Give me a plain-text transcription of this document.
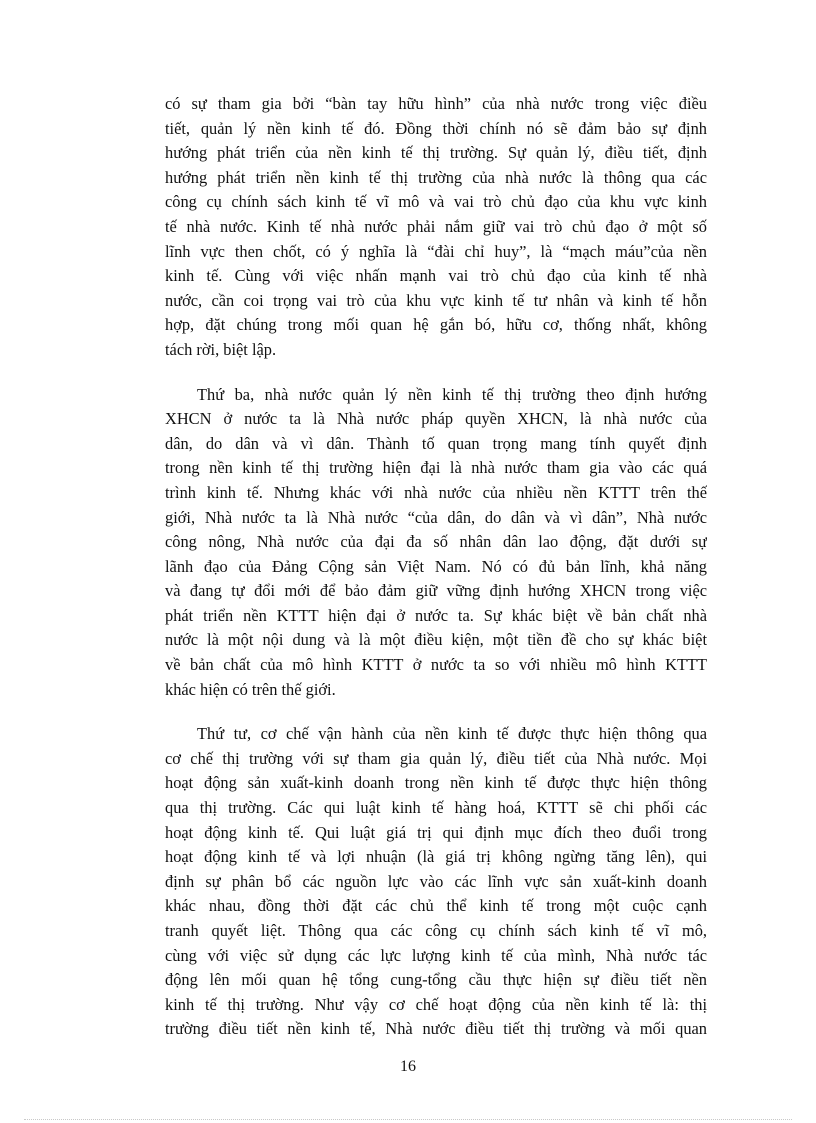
có sự tham gia bởi “bàn tay hữu hình” của nhà nước trong việc điều
tiết, quản lý nền kinh tế đó. Đồng thời chính nó sẽ đảm bảo sự định
hướng phát triển của nền kinh tế thị trường. Sự quản lý, điều tiết, định
hướng phát triển nền kinh tế thị trường của nhà nước là thông qua các
công cụ chính sách kinh tế vĩ mô và vai trò chủ đạo của khu vực kinh
tế nhà nước. Kinh tế nhà nước phải nắm giữ vai trò chủ đạo ở một số
lĩnh vực then chốt, có ý nghĩa là “đài chỉ huy”, là “mạch máu”của nền
kinh tế. Cùng với việc nhấn mạnh vai trò chủ đạo của kinh tế nhà
nước, cần coi trọng vai trò của khu vực kinh tế tư nhân và kinh tế hỗn
hợp, đặt chúng trong mối quan hệ gắn bó, hữu cơ, thống nhất, không
tách rời, biệt lập.

Thứ ba, nhà nước quản lý nền kinh tế thị trường theo định hướng
XHCN ở nước ta là Nhà nước pháp quyền XHCN, là nhà nước của
dân, do dân và vì dân. Thành tố quan trọng mang tính quyết định
trong nền kinh tế thị trường hiện đại là nhà nước tham gia vào các quá
trình kinh tế. Nhưng khác với nhà nước của nhiều nền KTTT trên thế
giới, Nhà nước ta là Nhà nước “của dân, do dân và vì dân”, Nhà nước
công nông, Nhà nước của đại đa số nhân dân lao động, đặt dưới sự
lãnh đạo của Đảng Cộng sản Việt Nam. Nó có đủ bản lĩnh, khả năng
và đang tự đổi mới để bảo đảm giữ vững định hướng XHCN trong việc
phát triển nền KTTT hiện đại ở nước ta. Sự khác biệt về bản chất nhà
nước là một nội dung và là một điều kiện, một tiền đề cho sự khác biệt
về bản chất của mô hình KTTT ở nước ta so với nhiều mô hình KTTT
khác hiện có trên thế giới.

Thứ tư, cơ chế vận hành của nền kinh tế được thực hiện thông qua
cơ chế thị trường với sự tham gia quản lý, điều tiết của Nhà nước. Mọi
hoạt động sản xuất-kinh doanh trong nền kinh tế được thực hiện thông
qua thị trường. Các qui luật kinh tế hàng hoá, KTTT sẽ chi phối các
hoạt động kinh tế. Qui luật giá trị qui định mục đích theo đuổi trong
hoạt động kinh tế và lợi nhuận (là giá trị không ngừng tăng lên), qui
định sự phân bổ các nguồn lực vào các lĩnh vực sản xuất-kinh doanh
khác nhau, đồng thời đặt các chủ thể kinh tế trong một cuộc cạnh
tranh quyết liệt. Thông qua các công cụ chính sách kinh tế vĩ mô,
cùng với việc sử dụng các lực lượng kinh tế của mình, Nhà nước tác
động lên mối quan hệ tổng cung-tổng cầu thực hiện sự điều tiết nền
kinh tế thị trường. Như vậy cơ chế hoạt động của nền kinh tế là: thị
trường điều tiết nền kinh tế, Nhà nước điều tiết thị trường và mối quan

16
